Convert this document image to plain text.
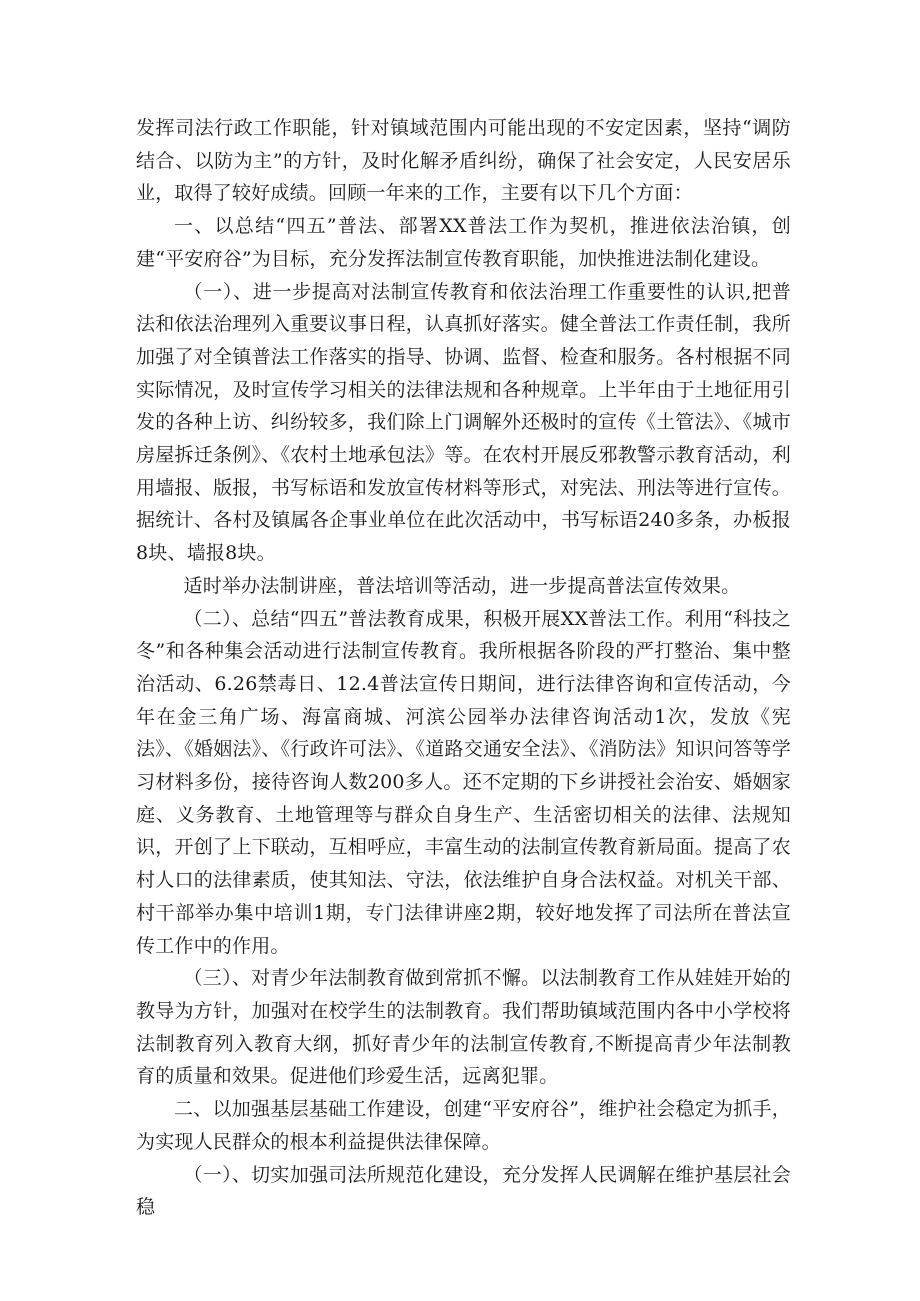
发挥司法行政工作职能，针对镇域范围内可能出现的不安定因素，坚持“调防结合、以防为主”的方针，及时化解矛盾纠纷，确保了社会安定，人民安居乐业，取得了较好成绩。回顾一年来的工作，主要有以下几个方面：

一、以总结“四五”普法、部署XX普法工作为契机，推进依法治镇，创建“平安府谷”为目标，充分发挥法制宣传教育职能，加快推进法制化建设。

（一）、进一步提高对法制宣传教育和依法治理工作重要性的认识,把普法和依法治理列入重要议事日程，认真抓好落实。健全普法工作责任制，我所加强了对全镇普法工作落实的指导、协调、监督、检查和服务。各村根据不同实际情况，及时宣传学习相关的法律法规和各种规章。上半年由于土地征用引发的各种上访、纠纷较多，我们除上门调解外还极时的宣传《土管法》、《城市房屋拆迁条例》、《农村土地承包法》等。在农村开展反邪教警示教育活动，利用墙报、版报，书写标语和发放宣传材料等形式，对宪法、刑法等进行宣传。据统计、各村及镇属各企事业单位在此次活动中，书写标语240多条，办板报8块、墙报8块。

适时举办法制讲座，普法培训等活动，进一步提高普法宣传效果。

（二）、总结“四五”普法教育成果，积极开展XX普法工作。利用“科技之冬”和各种集会活动进行法制宣传教育。我所根据各阶段的严打整治、集中整治活动、6.26禁毒日、12.4普法宣传日期间，进行法律咨询和宣传活动，今年在金三角广场、海富商城、河滨公园举办法律咨询活动1次，发放《宪法》、《婚姻法》、《行政许可法》、《道路交通安全法》、《消防法》知识问答等学习材料多份，接待咨询人数200多人。还不定期的下乡讲授社会治安、婚姻家庭、义务教育、土地管理等与群众自身生产、生活密切相关的法律、法规知识，开创了上下联动，互相呼应，丰富生动的法制宣传教育新局面。提高了农村人口的法律素质，使其知法、守法，依法维护自身合法权益。对机关干部、村干部举办集中培训1期，专门法律讲座2期，较好地发挥了司法所在普法宣传工作中的作用。

（三）、对青少年法制教育做到常抓不懈。以法制教育工作从娃娃开始的教导为方针，加强对在校学生的法制教育。我们帮助镇域范围内各中小学校将法制教育列入教育大纲，抓好青少年的法制宣传教育,不断提高青少年法制教育的质量和效果。促进他们珍爱生活，远离犯罪。

二、以加强基层基础工作建设，创建“平安府谷”，维护社会稳定为抓手，为实现人民群众的根本利益提供法律保障。

（一）、切实加强司法所规范化建设，充分发挥人民调解在维护基层社会稳
